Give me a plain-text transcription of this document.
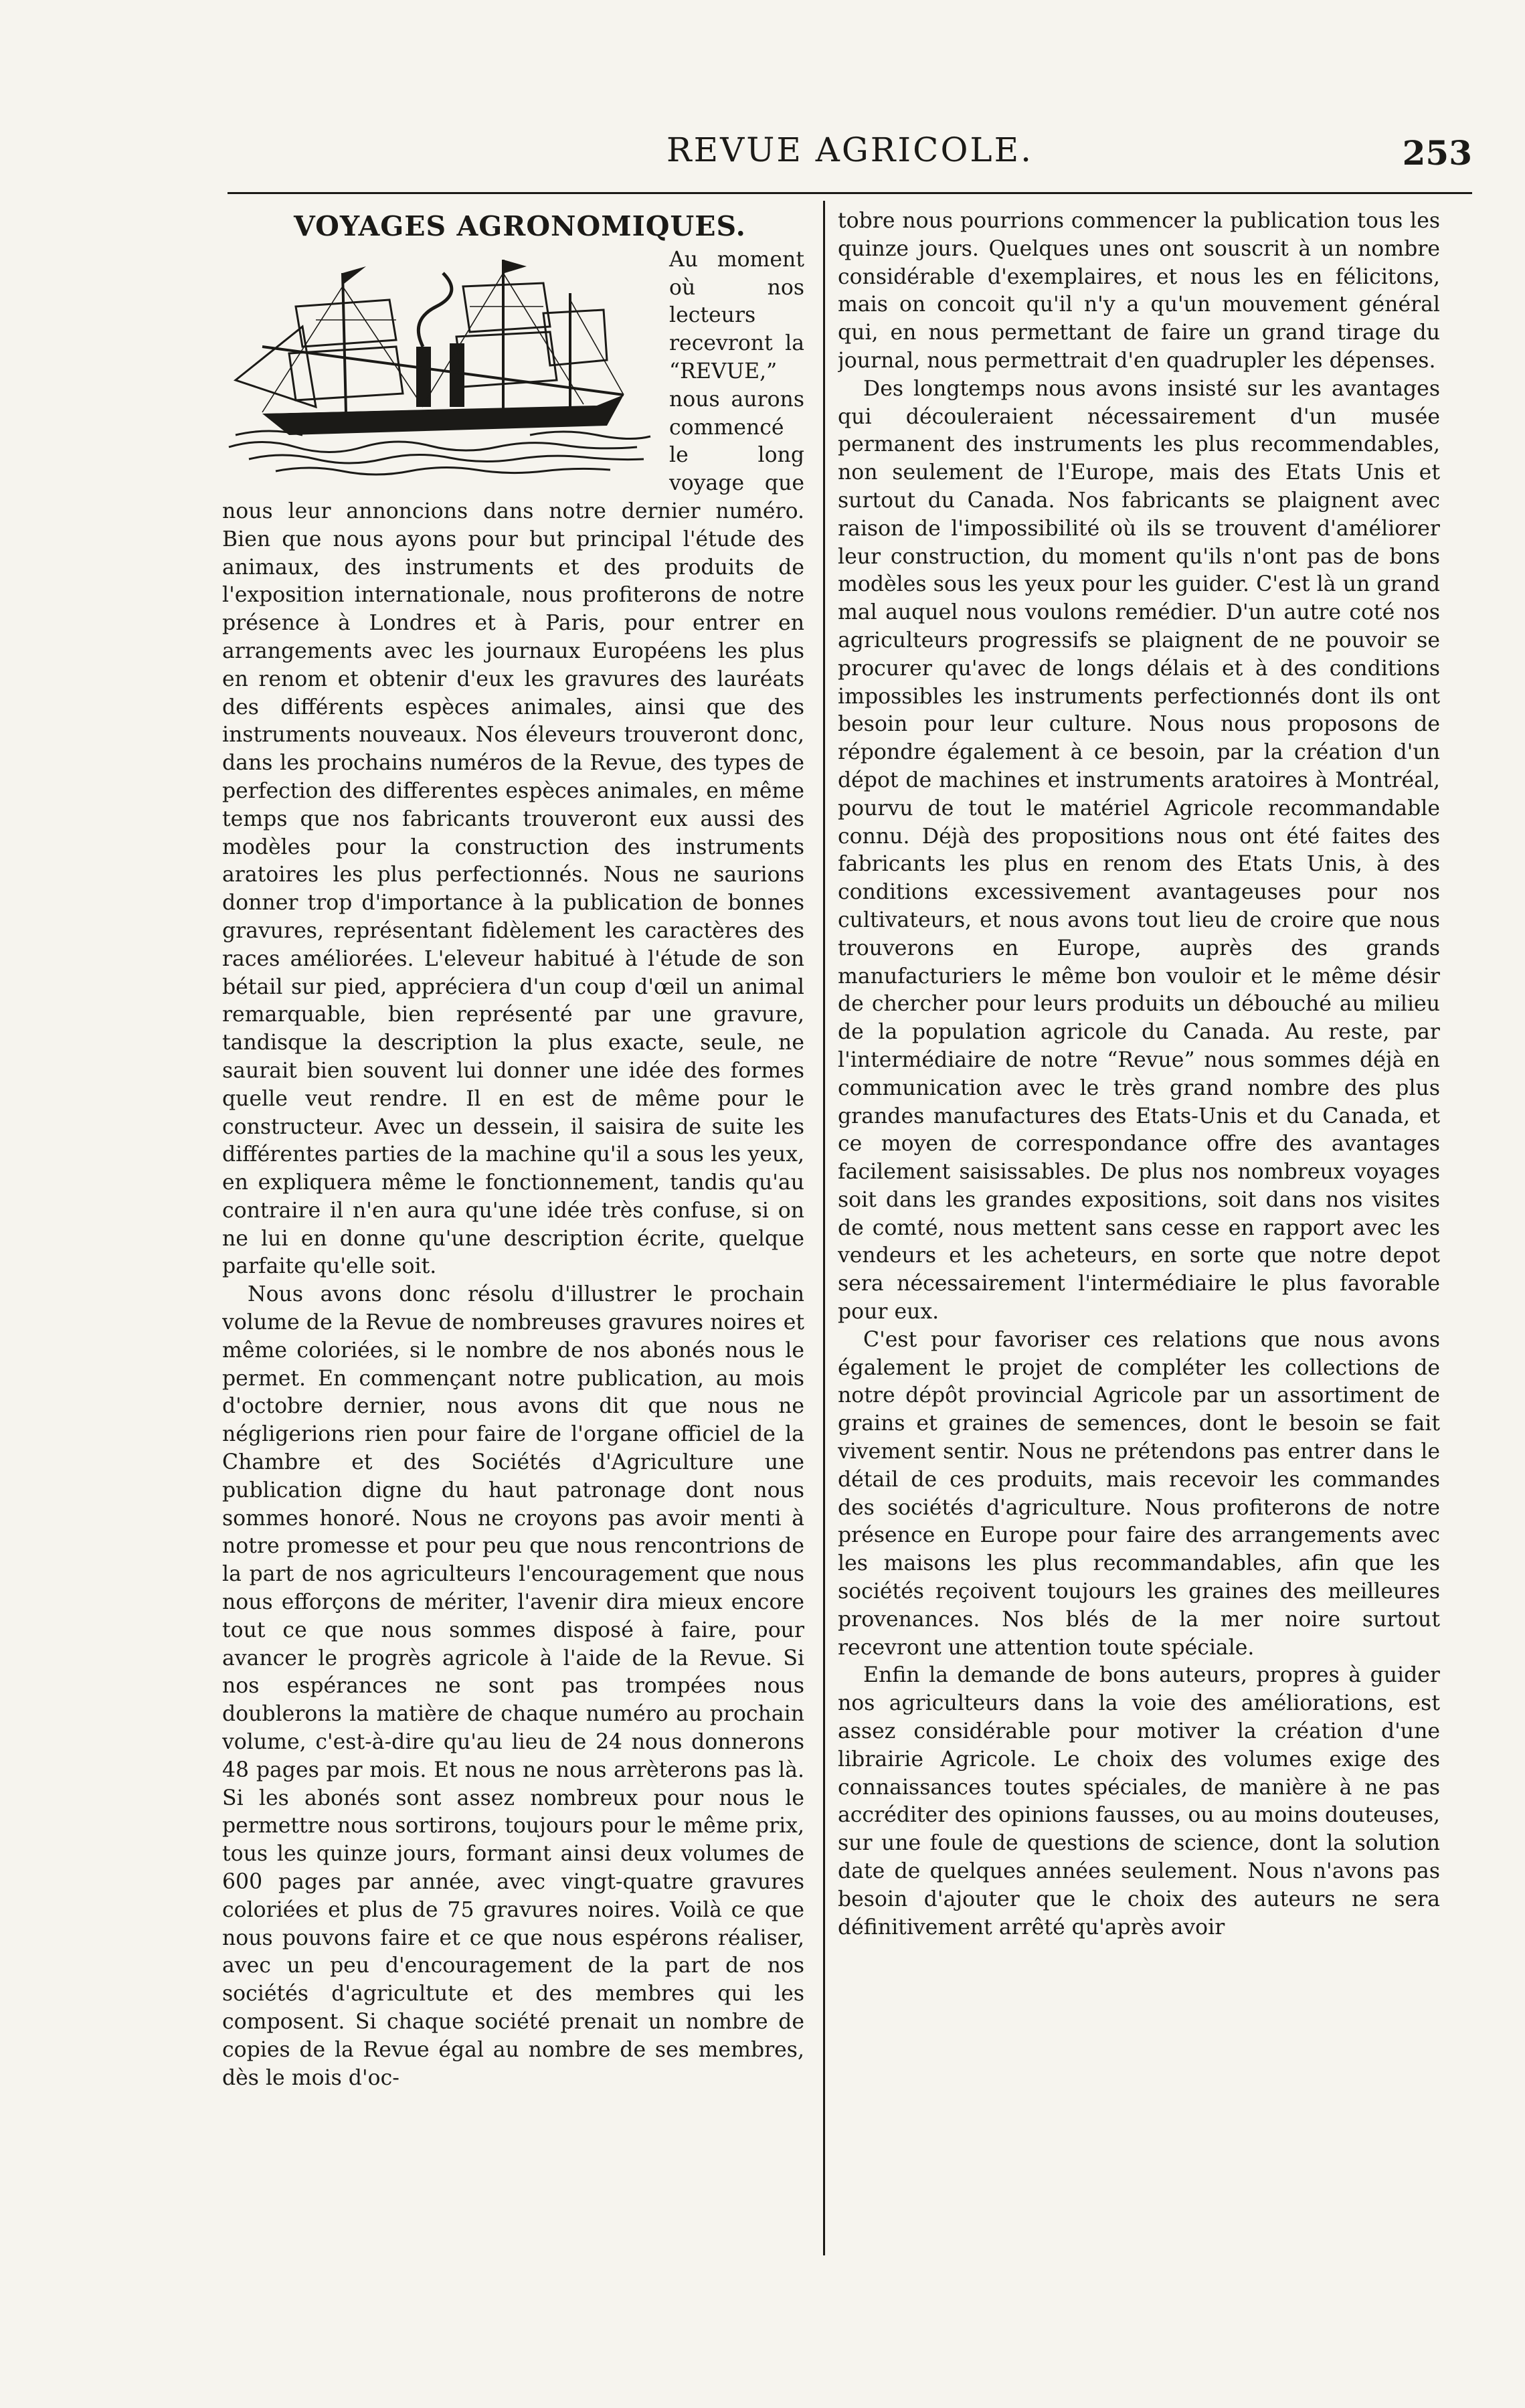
REVUE AGRICOLE.	253
VOYAGES AGRONOMIQUES.

Au moment où nos lecteurs recevront la “REVUE,” nous aurons commencé le long voyage que nous leur annoncions dans notre dernier numéro. Bien que nous ayons pour but principal l'étude des animaux, des instruments et des produits de l'exposition internationale, nous profiterons de notre présence à Londres et à Paris, pour entrer en arrangements avec les journaux Européens les plus en renom et obtenir d'eux les gravures des lauréats des différents espèces animales, ainsi que des instruments nouveaux. Nos éleveurs trouveront donc, dans les prochains numéros de la Revue, des types de perfection des differentes espèces animales, en même temps que nos fabricants trouveront eux aussi des modèles pour la construction des instruments aratoires les plus perfectionnés. Nous ne saurions donner trop d'importance à la publication de bonnes gravures, représentant fidèlement les caractères des races améliorées. L'eleveur habitué à l'étude de son bétail sur pied, appréciera d'un coup d'œil un animal remarquable, bien représenté par une gravure, tandisque la description la plus exacte, seule, ne saurait bien souvent lui donner une idée des formes quelle veut rendre. Il en est de même pour le constructeur. Avec un dessein, il saisira de suite les différentes parties de la machine qu'il a sous les yeux, en expliquera même le fonctionnement, tandis qu'au contraire il n'en aura qu'une idée très confuse, si on ne lui en donne qu'une description écrite, quelque parfaite qu'elle soit.

Nous avons donc résolu d'illustrer le prochain volume de la Revue de nombreuses gravures noires et même coloriées, si le nombre de nos abonés nous le permet. En commençant notre publication, au mois d'octobre dernier, nous avons dit que nous ne négligerions rien pour faire de l'organe officiel de la Chambre et des Sociétés d'Agriculture une publication digne du haut patronage dont nous sommes honoré. Nous ne croyons pas avoir menti à notre promesse et pour peu que nous rencontrions de la part de nos agriculteurs l'encouragement que nous nous efforçons de mériter, l'avenir dira mieux encore tout ce que nous sommes disposé à faire, pour avancer le progrès agricole à l'aide de la Revue. Si nos espérances ne sont pas trompées nous doublerons la matière de chaque numéro au prochain volume, c'est-à-dire qu'au lieu de 24 nous donnerons 48 pages par mois. Et nous ne nous arrèterons pas là. Si les abonés sont assez nombreux pour nous le permettre nous sortirons, toujours pour le même prix, tous les quinze jours, formant ainsi deux volumes de 600 pages par année, avec vingt-quatre gravures coloriées et plus de 75 gravures noires. Voilà ce que nous pouvons faire et ce que nous espérons réaliser, avec un peu d'encouragement de la part de nos sociétés d'agricultute et des membres qui les composent. Si chaque société prenait un nombre de copies de la Revue égal au nombre de ses membres, dès le mois d'oc-

tobre nous pourrions commencer la publication tous les quinze jours. Quelques unes ont souscrit à un nombre considérable d'exemplaires, et nous les en félicitons, mais on concoit qu'il n'y a qu'un mouvement général qui, en nous permettant de faire un grand tirage du journal, nous permettrait d'en quadrupler les dépenses.

Des longtemps nous avons insisté sur les avantages qui découleraient nécessairement d'un musée permanent des instruments les plus recommendables, non seulement de l'Europe, mais des Etats Unis et surtout du Canada. Nos fabricants se plaignent avec raison de l'impossibilité où ils se trouvent d'améliorer leur construction, du moment qu'ils n'ont pas de bons modèles sous les yeux pour les guider. C'est là un grand mal auquel nous voulons remédier. D'un autre coté nos agriculteurs progressifs se plaignent de ne pouvoir se procurer qu'avec de longs délais et à des conditions impossibles les instruments perfectionnés dont ils ont besoin pour leur culture. Nous nous proposons de répondre également à ce besoin, par la création d'un dépot de machines et instruments aratoires à Montréal, pourvu de tout le matériel Agricole recommandable connu. Déjà des propositions nous ont été faites des fabricants les plus en renom des Etats Unis, à des conditions excessivement avantageuses pour nos cultivateurs, et nous avons tout lieu de croire que nous trouverons en Europe, auprès des grands manufacturiers le même bon vouloir et le même désir de chercher pour leurs produits un débouché au milieu de la population agricole du Canada. Au reste, par l'intermédiaire de notre “Revue” nous sommes déjà en communication avec le très grand nombre des plus grandes manufactures des Etats-Unis et du Canada, et ce moyen de correspondance offre des avantages facilement saisissables. De plus nos nombreux voyages soit dans les grandes expositions, soit dans nos visites de comté, nous mettent sans cesse en rapport avec les vendeurs et les acheteurs, en sorte que notre depot sera nécessairement l'intermédiaire le plus favorable pour eux.

C'est pour favoriser ces relations que nous avons également le projet de compléter les collections de notre dépôt provincial Agricole par un assortiment de grains et graines de semences, dont le besoin se fait vivement sentir. Nous ne prétendons pas entrer dans le détail de ces produits, mais recevoir les commandes des sociétés d'agriculture. Nous profiterons de notre présence en Europe pour faire des arrangements avec les maisons les plus recommandables, afin que les sociétés reçoivent toujours les graines des meilleures provenances. Nos blés de la mer noire surtout recevront une attention toute spéciale.

Enfin la demande de bons auteurs, propres à guider nos agriculteurs dans la voie des améliorations, est assez considérable pour motiver la création d'une librairie Agricole. Le choix des volumes exige des connaissances toutes spéciales, de manière à ne pas accréditer des opinions fausses, ou au moins douteuses, sur une foule de questions de science, dont la solution date de quelques années seulement. Nous n'avons pas besoin d'ajouter que le choix des auteurs ne sera définitivement arrêté qu'après avoir
